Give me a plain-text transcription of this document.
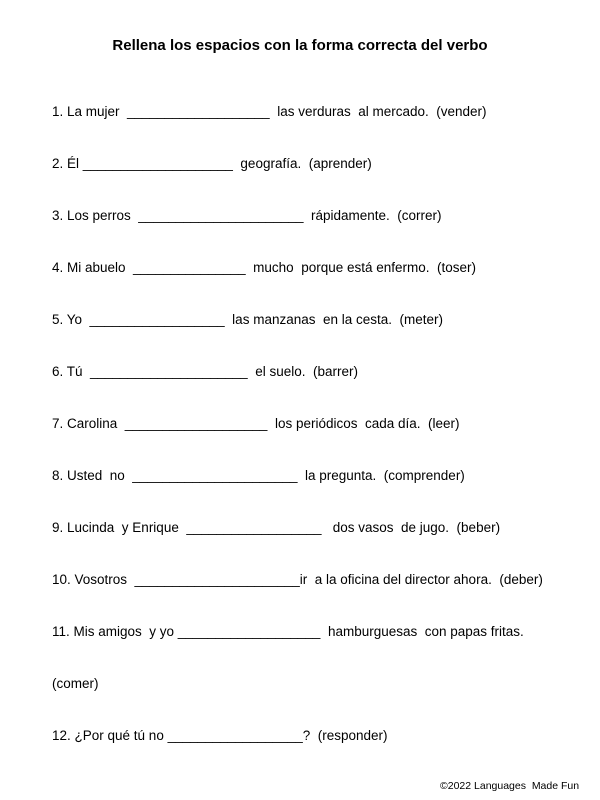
Rellena los espacios con la forma correcta del verbo
1. La mujer  ___________________  las verduras  al mercado.  (vender)
2. Él ____________________  geografía.  (aprender)
3. Los perros  ______________________  rápidamente.  (correr)
4. Mi abuelo  _______________  mucho  porque está enfermo.  (toser)
5. Yo  __________________  las manzanas  en la cesta.  (meter)
6. Tú  _____________________  el suelo.  (barrer)
7. Carolina  ___________________  los periódicos  cada día.  (leer)
8. Usted  no  ______________________  la pregunta.  (comprender)
9. Lucinda  y Enrique  __________________   dos vasos  de jugo.  (beber)
10. Vosotros  ______________________ir  a la oficina del director ahora.  (deber)
11. Mis amigos  y yo ___________________  hamburguesas  con papas fritas.
(comer)
12. ¿Por qué tú no __________________?  (responder)
©2022 Languages  Made Fun
